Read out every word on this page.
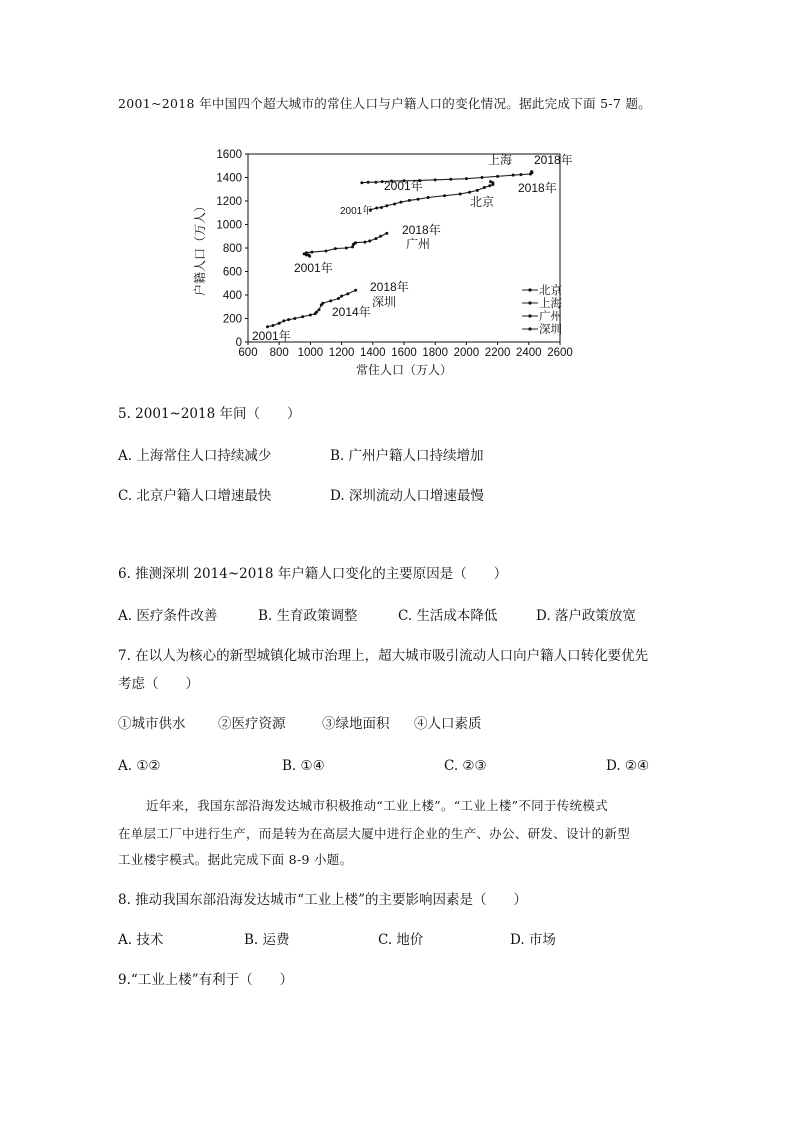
2001~2018 年中国四个超大城市的常住人口与户籍人口的变化情况。据此完成下面 5-7 题。
600 800 1000 1200 1400 1600 1800 2000 2200 2400 2600
0
200
400
600
800
1000
1200
1400
1600
常住人口（万人）
户籍人口（万人）
上海 2018年
2001年	2018年
北京
2001年
2018年
广州
2001年
2018年
深圳
2014年
2001年
北京
上海
广州
深圳
5. 2001~2018 年间（　　）
A. 上海常住人口持续减少	B. 广州户籍人口持续增加
C. 北京户籍人口增速最快	D. 深圳流动人口增速最慢
6. 推测深圳 2014~2018 年户籍人口变化的主要原因是（　　）
A. 医疗条件改善	B. 生育政策调整	C. 生活成本降低	D. 落户政策放宽
7. 在以人为核心的新型城镇化城市治理上，超大城市吸引流动人口向户籍人口转化要优先
考虑（　　）
①城市供水 ②医疗资源	③绿地面积 ④人口素质
A. ①②	B. ①④	C. ②③	D. ②④
近年来，我国东部沿海发达城市积极推动“工业上楼”。“工业上楼”不同于传统模式
在单层工厂中进行生产，而是转为在高层大厦中进行企业的生产、办公、研发、设计的新型
工业楼宇模式。据此完成下面 8-9 小题。
8. 推动我国东部沿海发达城市“工业上楼”的主要影响因素是（　　）
A. 技术	B. 运费	C. 地价	D. 市场
9.“工业上楼”有利于（　　）
